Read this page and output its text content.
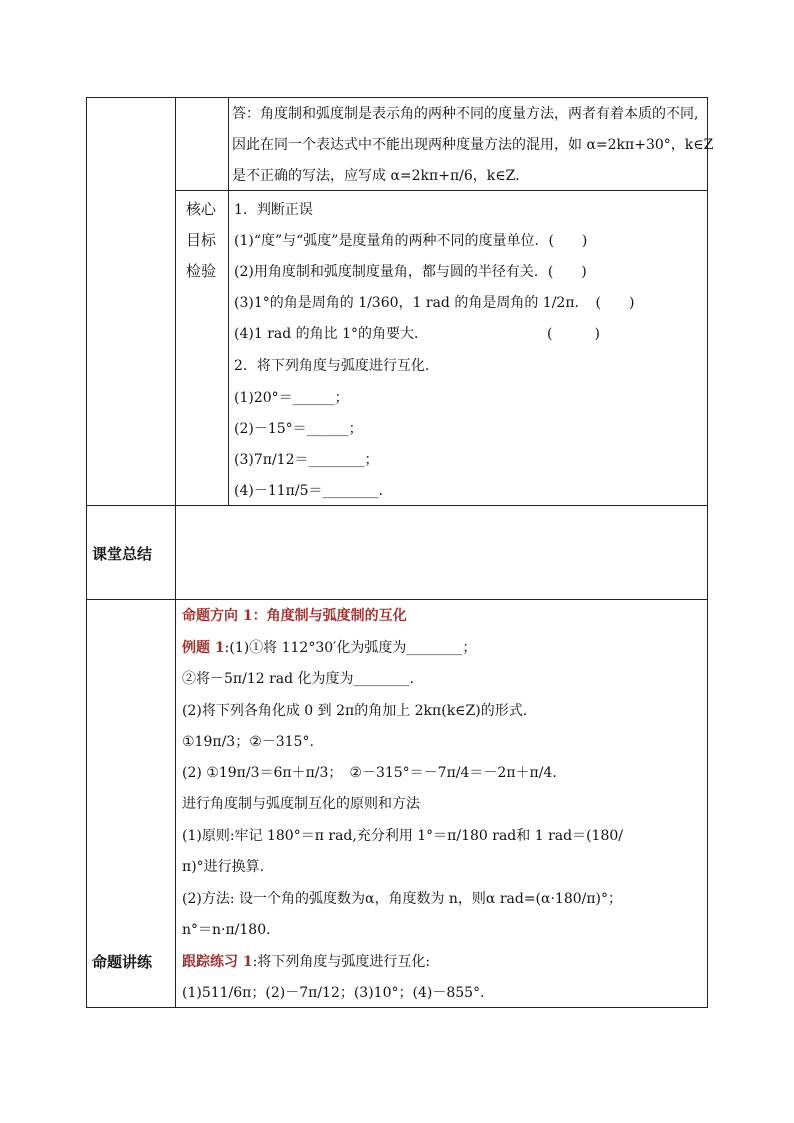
答：角度制和弧度制是表示角的两种不同的度量方法，两者有着本质的不同,
因此在同一个表达式中不能出现两种度量方法的混用，如 α=2kπ+30°，k∈Z
是不正确的写法，应写成 α=2kπ+π/6，k∈Z.
核心
目标
检验
1．判断正误
(1)“度”与“弧度”是度量角的两种不同的度量单位．(　　)
(2)用角度制和弧度制度量角，都与圆的半径有关．(　　)
(3)1°的角是周角的 1/360，1 rad 的角是周角的 1/2π．　(　　)
(4)1 rad 的角比 1°的角要大．　　　　　　　　　(　　　)
2．将下列角度与弧度进行互化.
(1)20°＝______；
(2)－15°＝______；
(3)7π/12＝________；
(4)－11π/5＝________.
课堂总结
命题讲练
命题方向 1：角度制与弧度制的互化
例题 1:(1)①将 112°30′化为弧度为________；
②将－5π/12 rad 化为度为________.
(2)将下列各角化成 0 到 2π的角加上 2kπ(k∈Z)的形式.
①19π/3；②－315°.
(2) ①19π/3＝6π＋π/3；　②－315°＝－7π/4＝－2π＋π/4.
进行角度制与弧度制互化的原则和方法
(1)原则:牢记 180°＝π rad,充分利用 1°＝π/180 rad和 1 rad＝(180/
π)°进行换算.
(2)方法: 设一个角的弧度数为α，角度数为 n，则α rad=(α·180/π)°；
n°＝n·π/180.
跟踪练习 1:将下列角度与弧度进行互化:
(1)511/6π；(2)－7π/12；(3)10°；(4)－855°.
